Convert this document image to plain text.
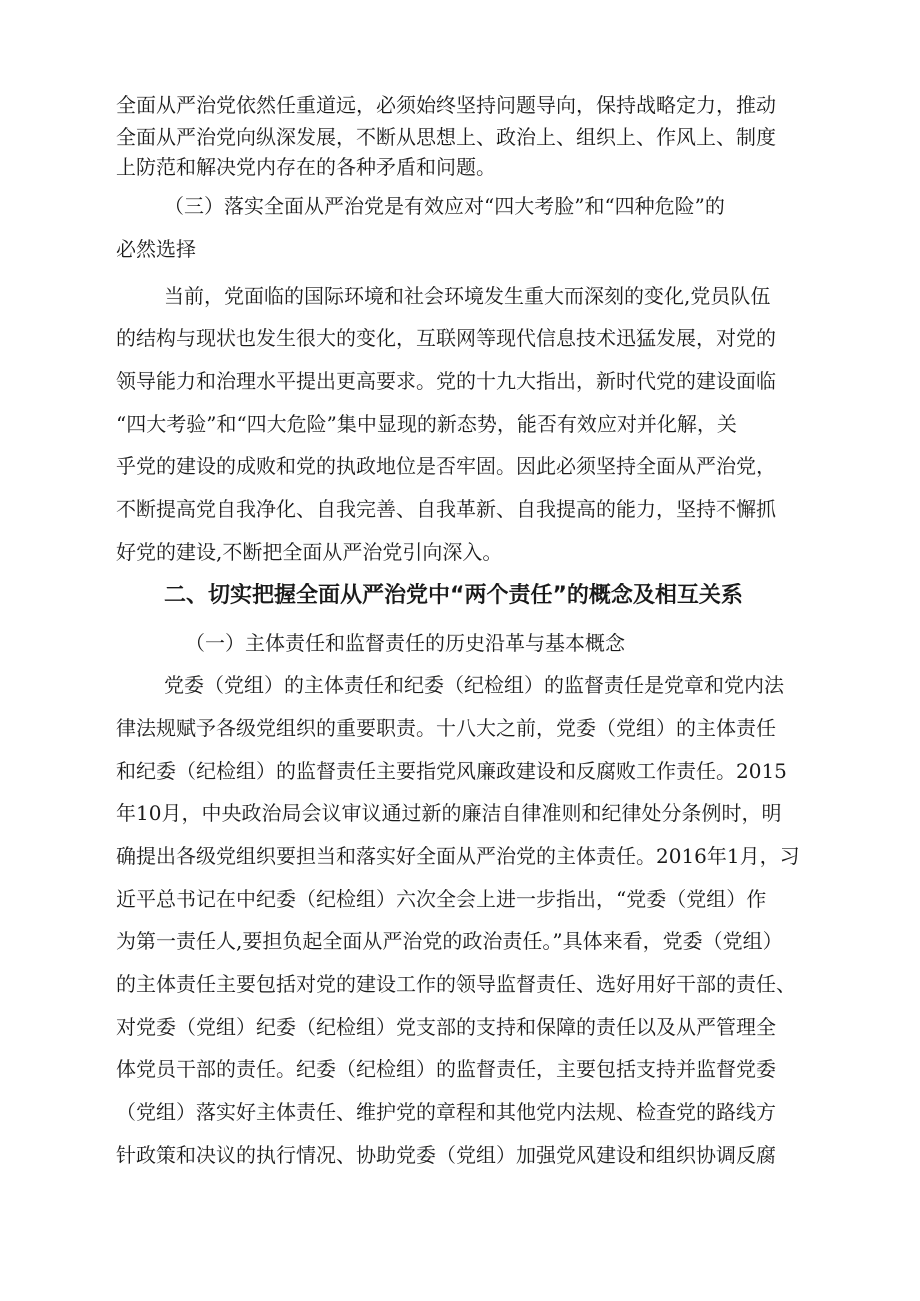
全面从严治党依然任重道远，必须始终坚持问题导向，保持战略定力，推动
全面从严治党向纵深发展，不断从思想上、政治上、组织上、作风上、制度
上防范和解决党内存在的各种矛盾和问题。
（三）落实全面从严治党是有效应对“四大考脸”和“四种危险”的
必然选择
当前，党面临的国际环境和社会环境发生重大而深刻的变化,党员队伍
的结构与现状也发生很大的变化，互联网等现代信息技术迅猛发展，对党的
领导能力和治理水平提出更高要求。党的十九大指出，新时代党的建设面临
“四大考验”和“四大危险”集中显现的新态势，能否有效应对并化解，关
乎党的建设的成败和党的执政地位是否牢固。因此必须坚持全面从严治党，
不断提高党自我净化、自我完善、自我革新、自我提高的能力，坚持不懈抓
好党的建设,不断把全面从严治党引向深入。
二、切实把握全面从严治党中“两个责任”的概念及相互关系
（一）主体责任和监督责任的历史沿革与基本概念
党委（党组）的主体责任和纪委（纪检组）的监督责任是党章和党内法
律法规赋予各级党组织的重要职责。十八大之前，党委（党组）的主体责任
和纪委（纪检组）的监督责任主要指党风廉政建设和反腐败工作责任。2015
年10月，中央政治局会议审议通过新的廉洁自律准则和纪律处分条例时，明
确提出各级党组织要担当和落实好全面从严治党的主体责任。2016年1月，习
近平总书记在中纪委（纪检组）六次全会上进一步指出，“党委（党组）作
为第一责任人,要担负起全面从严治党的政治责任。”具体来看，党委（党组）
的主体责任主要包括对党的建设工作的领导监督责任、选好用好干部的责任、
对党委（党组）纪委（纪检组）党支部的支持和保障的责任以及从严管理全
体党员干部的责任。纪委（纪检组）的监督责任，主要包括支持并监督党委
（党组）落实好主体责任、维护党的章程和其他党内法规、检查党的路线方
针政策和决议的执行情况、协助党委（党组）加强党风建设和组织协调反腐
